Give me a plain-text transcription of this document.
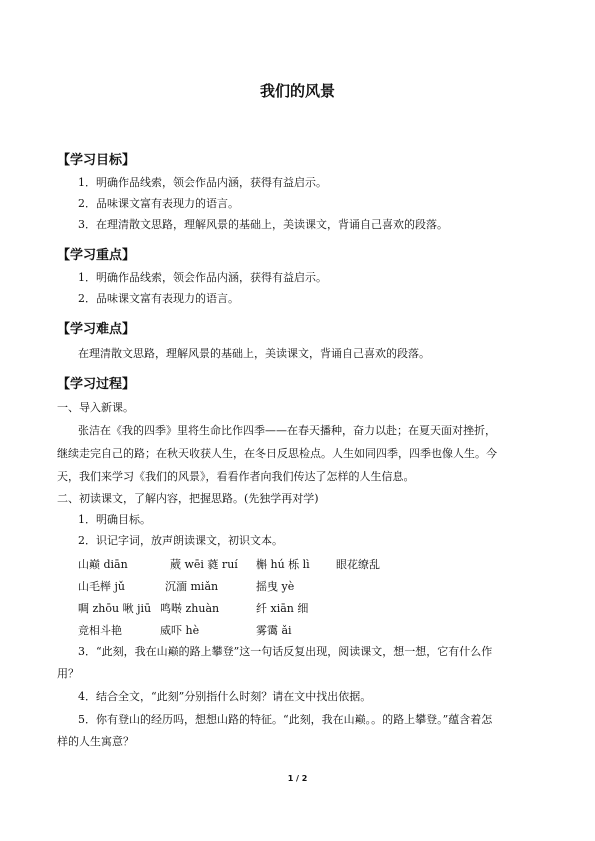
我们的风景
【学习目标】
1．明确作品线索，领会作品内涵，获得有益启示。
2．品味课文富有表现力的语言。
3．在理清散文思路，理解风景的基础上，美读课文，背诵自己喜欢的段落。
【学习重点】
1．明确作品线索，领会作品内涵，获得有益启示。
2．品味课文富有表现力的语言。
【学习难点】
在理清散文思路，理解风景的基础上，美读课文，背诵自己喜欢的段落。
【学习过程】
一、导入新课。
张洁在《我的四季》里将生命比作四季——在春天播种，奋力以赴；在夏天面对挫折，
继续走完自己的路；在秋天收获人生，在冬日反思检点。人生如同四季，四季也像人生。今
天，我们来学习《我们的风景》，看看作者向我们传达了怎样的人生信息。
二、初读课文，了解内容，把握思路。(先独学再对学)
1．明确目标。
2．识记字词，放声朗读课文，初识文本。
山巅 diān	葳 wēi 蕤 ruí 槲 hú 栎 lì 眼花缭乱
山毛榉 jǔ	沉湎 miǎn	摇曳 yè
啁 zhōu 啾 jiū 鸣啭 zhuàn	纤 xiān 细
竞相斗艳	威吓 hè	雾霭 ǎi
3．“此刻，我在山巅的路上攀登”这一句话反复出现，阅读课文，想一想，它有什么作
用？
4．结合全文，“此刻”分别指什么时刻？请在文中找出依据。
5．你有登山的经历吗，想想山路的特征。“此刻，我在山巅。。的路上攀登。”蕴含着怎
样的人生寓意？
1 / 2
